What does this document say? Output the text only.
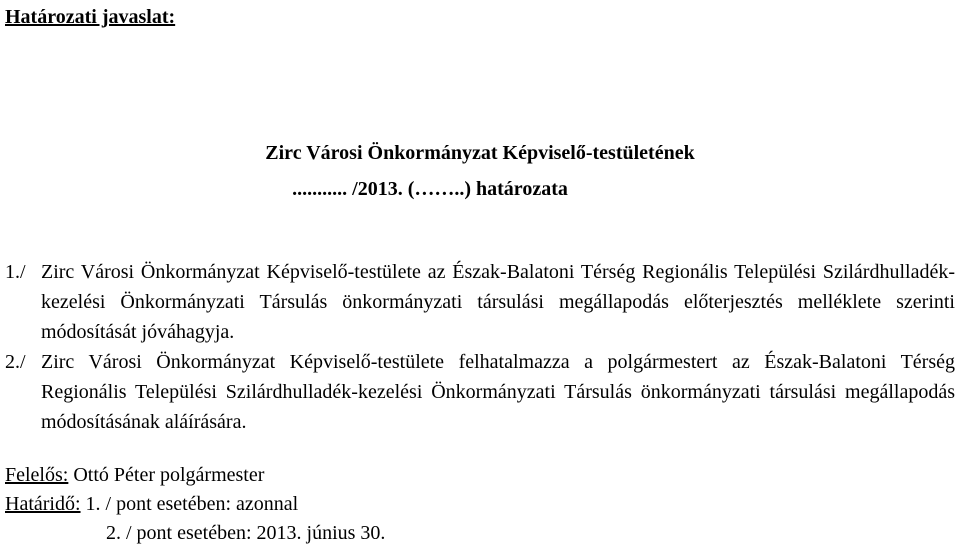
Határozati javaslat:
Zirc Városi Önkormányzat Képviselő-testületének
........... /2013. (……..) határozata
1./ Zirc Városi Önkormányzat Képviselő-testülete az Észak-Balatoni Térség Regionális Települési Szilárdhulladék-kezelési Önkormányzati Társulás önkormányzati társulási megállapodás előterjesztés melléklete szerinti módosítását jóváhagyja.
2./ Zirc Városi Önkormányzat Képviselő-testülete felhatalmazza a polgármestert az Észak-Balatoni Térség Regionális Települési Szilárdhulladék-kezelési Önkormányzati Társulás önkormányzati társulási megállapodás módosításának aláírására.
Felelős: Ottó Péter polgármester
Határidő: 1. / pont esetében: azonnal
2. / pont esetében: 2013. június 30.
